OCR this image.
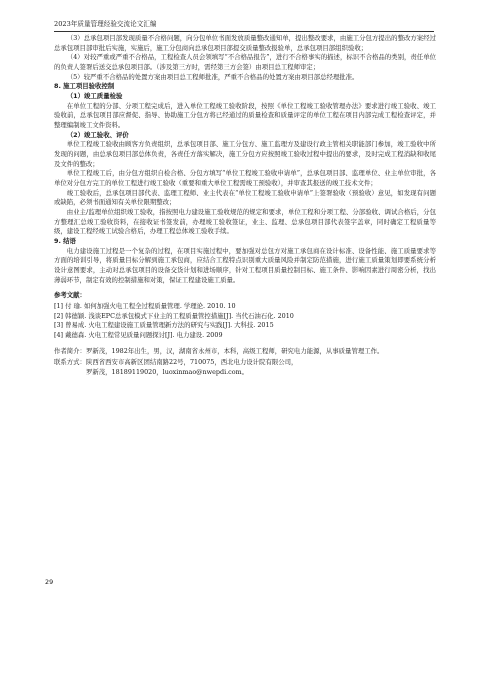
2023年质量管理经验交流论文汇编

（3）总承包项目部发现质量不合格问题，向分包单位书面发放质量整改通知单，提出整改要求，由施工分包方提出的整改方案经过总承包项目部审批后实施，实施后，施工分包商向总承包项目部提交质量整改报验单，总承包项目部组织验收；

（4）对较严重或严重不合格品，工程检查人员会领填写“不合格品报告”，进行不合格事实的描述，标识不合格品的类别，责任单位的负责人签署后送交总承包项目部。（涉及第三方时，需经第三方会签）由项目总工程师审定；

（5）较严重不合格品的处置方案由项目总工程师批准，严重不合格品的处置方案由项目部总经理批准。

8. 施工项目验收控制
（1）竣工质量检验

在单位工程的分部、分项工程完成后，进入单位工程竣工验收阶段，按照《单位工程竣工验收管理办法》要求进行竣工验收、竣工验收前，总承包项目部应督促、指导、协助施工分包方将已经通过的质量检查和质量评定的单位工程在项目内部完成工程检查评定，并整理编制竣工文件资料。

（2）竣工验收、评价

单位工程竣工验收由顾客方负责组织，总承包项目部、施工分包方、施工监理方及建设行政主管相关职能部门参加，竣工验收中所发现的问题，由总承包项目部总体负责，各责任方落实解决，施工分包方应按照竣工验收过程中提出的要求，及时完成工程消缺和收尾及文件的整改；

单位工程竣工后，由分包方组织自检合格、分包方填写“单位工程竣工验收申请单”，总承包项目部、监理单位、业主单位审批，各单位对分包方完工的单位工程进行竣工验收（重要和重大单位工程需竣工预验收），并审查其报送的竣工技术文件；

竣工验收后，总承包项目部代表、监理工程师、业主代表在“单位工程竣工验收申请单”上签署验收（预验收）意见，如发现有问题或缺陷，必须书面通知有关单位限期整改；

由业主/监理单位组织竣工验收，指按照电力建设施工验收规范的规定和要求，单位工程和分项工程、分部验收、调试合格后，分包方整理汇总竣工验收资料，在接收证书签发前，办理竣工验收签证，业主、监理、总承包项目部代表签字盖章，同时确定工程质量等级，建设工程经竣工试验合格后，办理工程总体竣工验收手续。

9. 结语

电力建设施工过程是一个复杂的过程，在项目实施过程中，要加强对总包方对施工承包商在设计标准、设备性能、施工质量要求等方面的培训引导，将质量目标分解到施工承包商，应结合工程特点识别重大质量风险并制定防范措施，进行施工质量策划即要系统分析设计意图要求，主动对总承包项目的设备交货计划和进场顺序，针对工程项目质量控制目标、施工条件、影响因素进行周密分析，找出薄弱环节，制定有效的控制措施和对策，保证工程建设施工质量。

参考文献：
[1] 付 瑜. 如何加强火电工程全过程质量管理. 学理论. 2010. 10
[2] 韩德颖. 浅谈EPC总承包模式下业主的工程质量管控措施[J]. 当代石油石化. 2010
[3] 曾易成. 火电工程建设施工质量管理新方法的研究与实践[J]. 大科技. 2015
[4] 戴德森. 火电工程常见质量问题探讨[J]. 电力建设. 2009
作者简介：罗新茂，1982年出生，男，汉，湖南省永州市，本科，高级工程师，研究电力能源，从事质量管理工作。
联系方式：陕西省西安市高新区团结南路22号，710075，西北电力设计院有限公司，
罗新茂，18189119020，luoxinmao@nwepdi.com。
29
